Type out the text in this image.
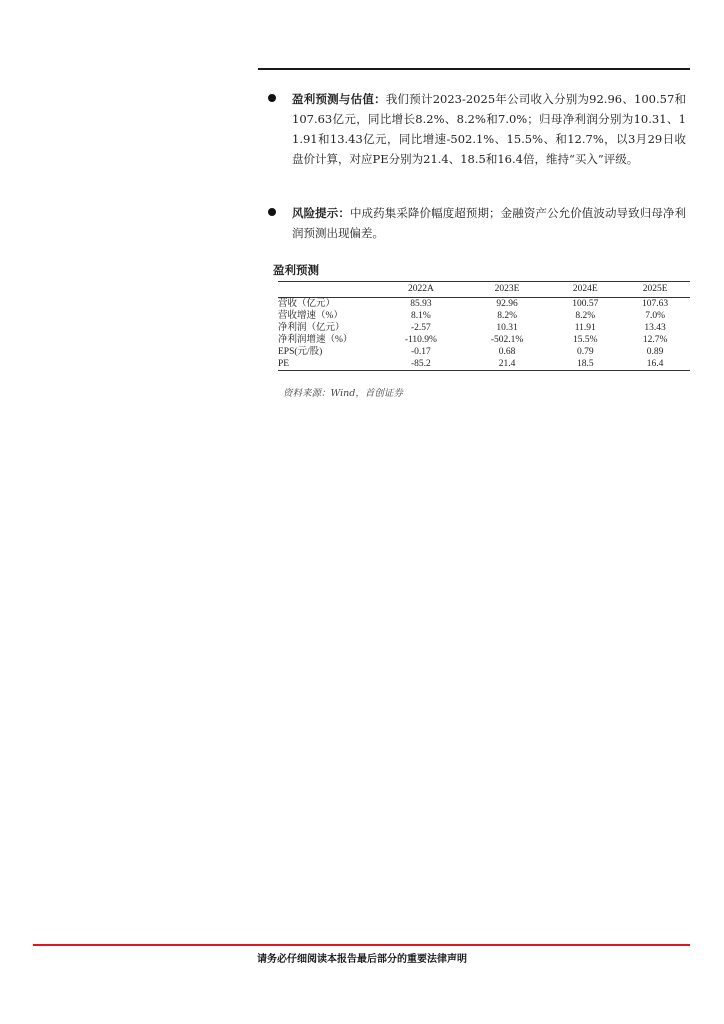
盈利预测与估值：我们预计2023-2025年公司收入分别为92.96、100.57和107.63亿元，同比增长8.2%、8.2%和7.0%；归母净利润分别为10.31、11.91和13.43亿元，同比增速-502.1%、15.5%、和12.7%，以3月29日收盘价计算，对应PE分别为21.4、18.5和16.4倍，维持“买入”评级。
风险提示：中成药集采降价幅度超预期；金融资产公允价值波动导致归母净利润预测出现偏差。
盈利预测
	2022A	2023E	2024E	2025E
营收（亿元）	85.93	92.96	100.57	107.63
营收增速（%）	8.1%	8.2%	8.2%	7.0%
净利润（亿元）	-2.57	10.31	11.91	13.43
净利润增速（%）	-110.9%	-502.1%	15.5%	12.7%
EPS(元/股)	-0.17	0.68	0.79	0.89
PE	-85.2	21.4	18.5	16.4
资料来源：Wind，首创证券
请务必仔细阅读本报告最后部分的重要法律声明
